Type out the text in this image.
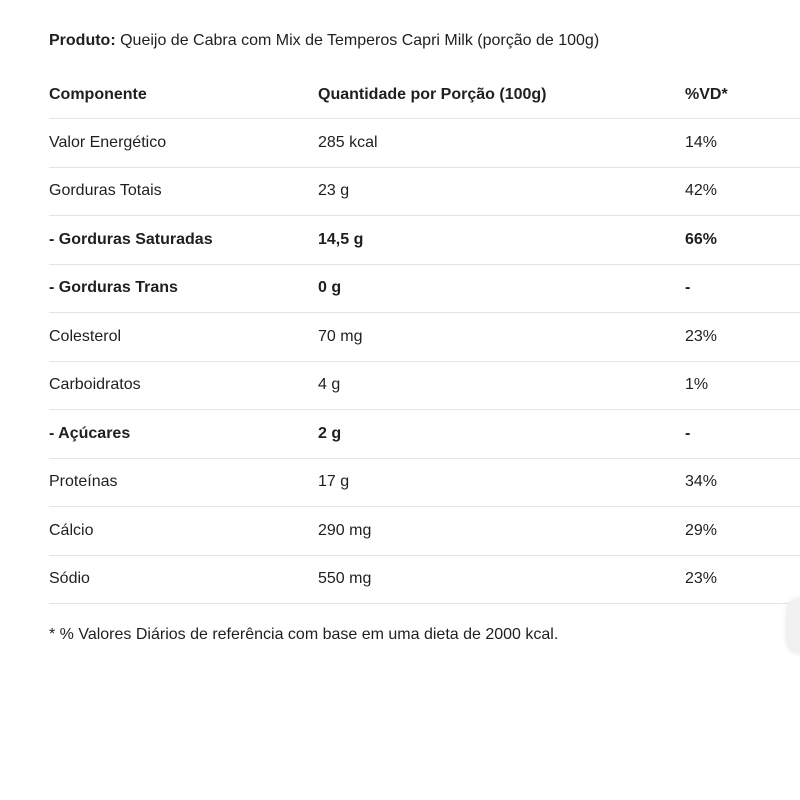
Produto: Queijo de Cabra com Mix de Temperos Capri Milk (porção de 100g)
Componente	Quantidade por Porção (100g)	%VD*
Valor Energético	285 kcal	14%
Gorduras Totais	23 g	42%
- Gorduras Saturadas	14,5 g	66%
- Gorduras Trans	0 g	-
Colesterol	70 mg	23%
Carboidratos	4 g	1%
- Açúcares	2 g	-
Proteínas	17 g	34%
Cálcio	290 mg	29%
Sódio	550 mg	23%
* % Valores Diários de referência com base em uma dieta de 2000 kcal.
